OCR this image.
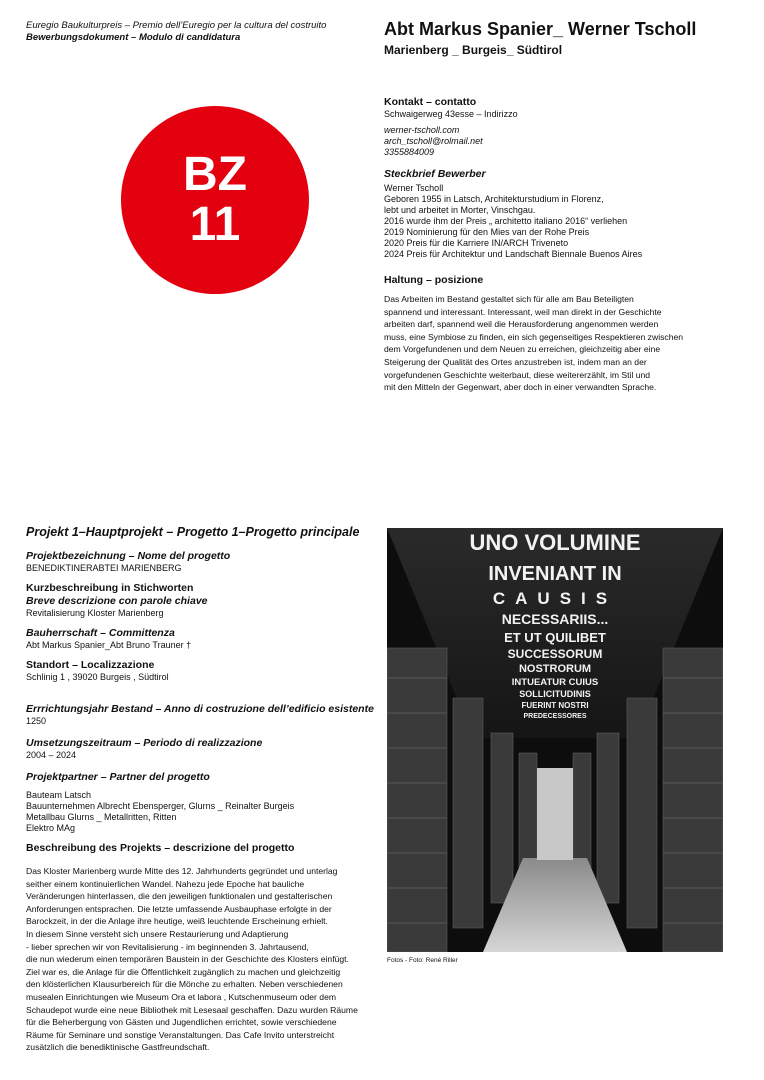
Euregio Baukulturpreis – Premio dell’Euregio per la cultura del costruito
Bewerbungsdokument – Modulo di candidatura
BZ
11
Abt Markus Spanier_ Werner Tscholl
Marienberg _ Burgeis_ Südtirol
Kontakt – contatto
Schwaigerweg 43esse – Indirizzo
werner-tscholl.com
arch_tscholl@rolmail.net
3355884009
Steckbrief Bewerber
Werner Tscholl
Geboren 1955 in Latsch, Architekturstudium in Florenz,
lebt und arbeitet in Morter, Vinschgau.
2016 wurde ihm der Preis „ architetto italiano 2016“ verliehen
2019 Nominierung für den Mies van der Rohe Preis
2020 Preis für die Karriere IN/ARCH Triveneto
2024 Preis für Architektur und Landschaft Biennale Buenos Aires
Haltung – posizione
Das Arbeiten im Bestand gestaltet sich für alle am Bau Beteiligten
spannend und interessant. Interessant, weil man direkt in der Geschichte
arbeiten darf, spannend weil die Herausforderung angenommen werden
muss, eine Symbiose zu finden, ein sich gegenseitiges Respektieren zwischen
dem Vorgefundenen und dem Neuen zu erreichen, gleichzeitig aber eine
Steigerung der Qualität des Ortes anzustreben ist, indem man an der
vorgefundenen Geschichte weiterbaut, diese weitererzählt, im Stil und
mit den Mitteln der Gegenwart, aber doch in einer verwandten Sprache.
Projekt 1–Hauptprojekt – Progetto 1–Progetto principale
Projektbezeichnung – Nome del progetto
BENEDIKTINERABTEI MARIENBERG
Kurzbeschreibung in Stichworten
Breve descrizione con parole chiave
Revitalisierung Kloster Marienberg
Bauherrschaft – Committenza
Abt Markus Spanier_Abt Bruno Trauner †
Standort – Localizzazione
Schlinig 1 , 39020 Burgeis , Südtirol
Errrichtungsjahr Bestand – Anno di costruzione dell’edificio esistente
1250
Umsetzungszeitraum – Periodo di realizzazione
2004 – 2024
Projektpartner – Partner del progetto
Bauteam Latsch
Bauunternehmen Albrecht Ebensperger, Glurns _ Reinalter Burgeis
Metallbau Glurns _ Metallritten, Ritten
Elektro MAg
Beschreibung des Projekts – descrizione del progetto
Das Kloster Marienberg wurde Mitte des 12. Jahrhunderts gegründet und unterlag
seither einem kontinuierlichen Wandel. Nahezu jede Epoche hat bauliche
Veränderungen hinterlassen, die den jeweiligen funktionalen und gestalterischen
Anforderungen entsprachen. Die letzte umfassende Ausbauphase erfolgte in der
Barockzeit, in der die Anlage ihre heutige, weiß leuchtende Erscheinung erhielt.
In diesem Sinne versteht sich unsere Restaurierung und Adaptierung
- lieber sprechen wir von Revitalisierung - im beginnenden 3. Jahrtausend,
die nun wiederum einen temporären Baustein in der Geschichte des Klosters einfügt.
Ziel war es, die Anlage für die Öffentlichkeit zugänglich zu machen und gleichzeitig
den klösterlichen Klausurbereich für die Mönche zu erhalten. Neben verschiedenen
musealen Einrichtungen wie Museum Ora et labora , Kutschenmuseum oder dem
Schaudepot wurde eine neue Bibliothek mit Lesesaal geschaffen. Dazu wurden Räume
für die Beherbergung von Gästen und Jugendlichen errichtet, sowie verschiedene
Räume für Seminare und sonstige Veranstaltungen. Das Cafe Invito unterstreicht
zusätzlich die benediktinische Gastfreundschaft.
UNO VOLUMINE
INVENIANT IN
CAUSIS
NECESSARIIS...
ET UT QUILIBET
SUCCESSORUM
NOSTRORUM
INTUEATUR CUIUS
SOLLICITUDINIS
FUERINT NOSTRI
PREDECESSORES
Fotos - Foto: René Riller
